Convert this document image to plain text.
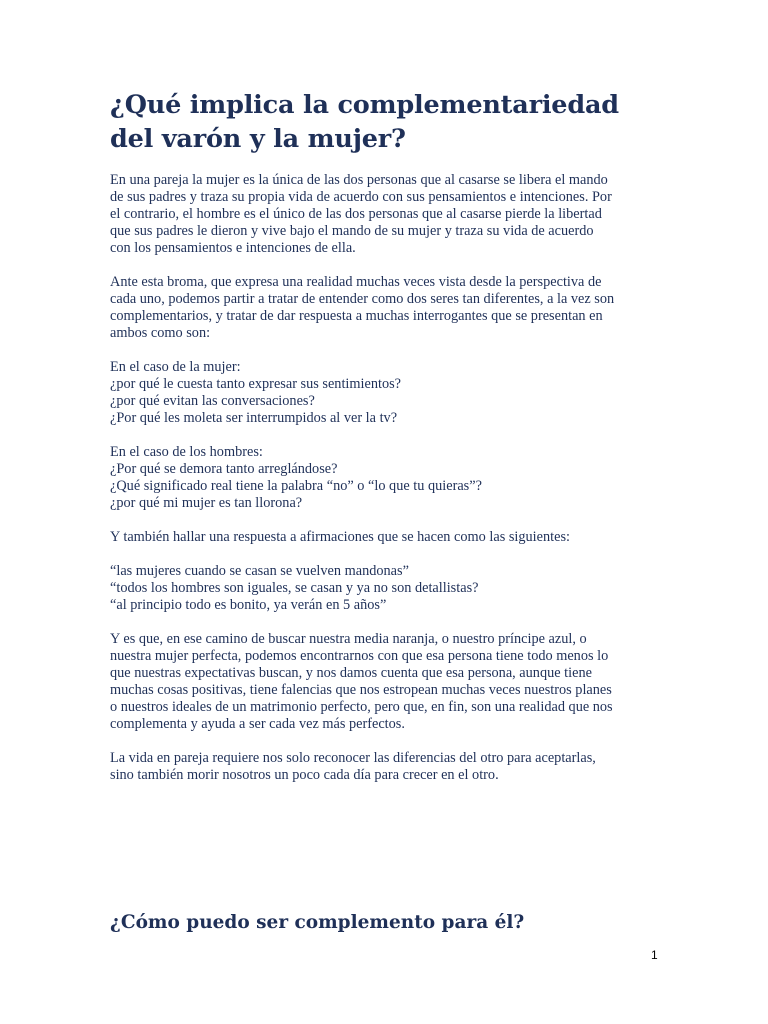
¿Qué implica la complementariedad del varón y la mujer?

En una pareja la mujer es la única de las dos personas que al casarse se libera el mando
de sus padres y traza su propia vida de acuerdo con sus pensamientos e intenciones. Por
el contrario, el hombre es el único de las dos personas que al casarse pierde la libertad
que sus padres le dieron y vive bajo el mando de su mujer y traza su vida de acuerdo
con los pensamientos e intenciones de ella.

Ante esta broma, que expresa una realidad muchas veces vista desde la perspectiva de
cada uno, podemos partir a tratar de entender como dos seres tan diferentes, a la vez son
complementarios, y tratar de dar respuesta a muchas interrogantes que se presentan en
ambos como son:

En el caso de la mujer:
¿por qué le cuesta tanto expresar sus sentimientos?
¿por qué evitan las conversaciones?
¿Por qué les moleta ser interrumpidos al ver la tv?

En el caso de los hombres:
¿Por qué se demora tanto arreglándose?
¿Qué significado real tiene la palabra “no” o “lo que tu quieras”?
¿por qué mi mujer es tan llorona?

Y también hallar una respuesta a afirmaciones que se hacen como las siguientes:

“las mujeres cuando se casan se vuelven mandonas”
“todos los hombres son iguales, se casan y ya no son detallistas?
“al principio todo es bonito, ya verán en 5 años”

Y es que, en ese camino de buscar nuestra media naranja, o nuestro príncipe azul, o
nuestra mujer perfecta, podemos encontrarnos con que esa persona tiene todo menos lo
que nuestras expectativas buscan, y nos damos cuenta que esa persona, aunque tiene
muchas cosas positivas, tiene falencias que nos estropean muchas veces nuestros planes
o nuestros ideales de un matrimonio perfecto, pero que, en fin, son una realidad que nos
complementa y ayuda a ser cada vez más perfectos.

La vida en pareja requiere nos solo reconocer las diferencias del otro para aceptarlas,
sino también morir nosotros un poco cada día para crecer en el otro.

¿Cómo puedo ser complemento para él?
1
